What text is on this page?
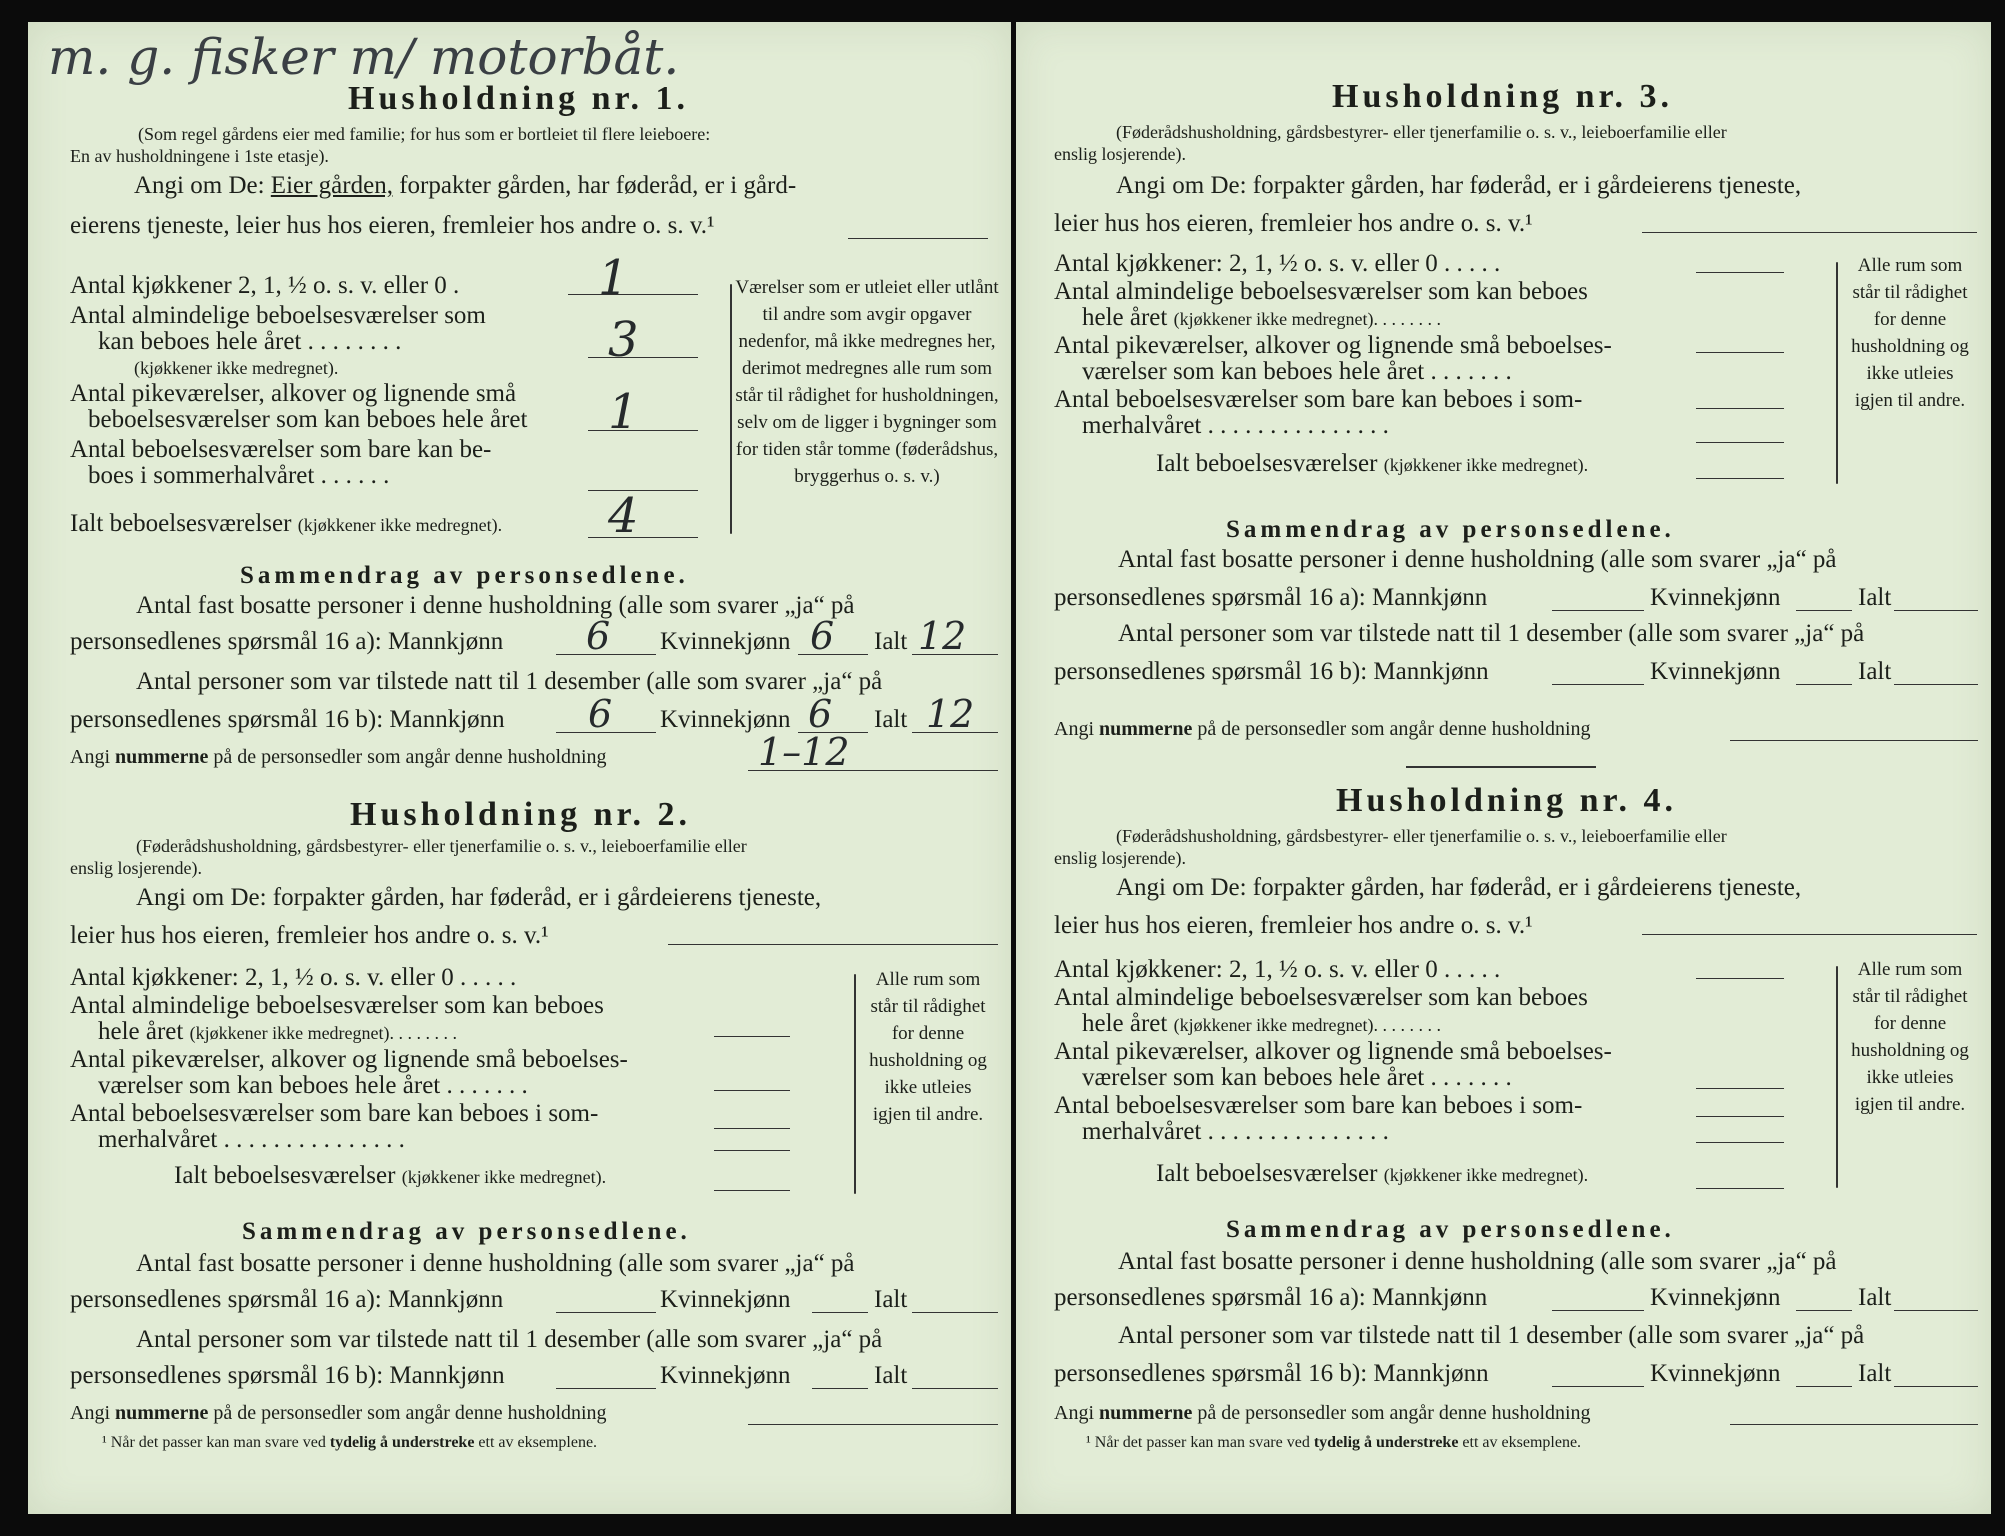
m. g. fisker m/ motorbåt.
Husholdning nr. 1.
(Som regel gårdens eier med familie; for hus som er bortleiet til flere leieboere:
En av husholdningene i 1ste etasje).
Angi om De: Eier gården, forpakter gården, har føderåd, er i gård-
eierens tjeneste, leier hus hos eieren, fremleier hos andre o. s. v.¹
Antal kjøkkener 2, 1, ½ o. s. v. eller 0 .	1
Antal almindelige beboelsesværelser som
kan beboes hele året . . . . . . . .
(kjøkkener ikke medregnet).	3
Antal pikeværelser, alkover og lignende små
beboelsesværelser som kan beboes hele året 1
Antal beboelsesværelser som bare kan be-
boes i sommerhalvåret . . . . . .
Ialt beboelsesværelser (kjøkkener ikke medregnet). 4
Værelser som er utleiet eller utlånt til andre som avgir opgaver nedenfor, må ikke medregnes her, derimot medregnes alle rum som står til rådighet for husholdningen, selv om de ligger i bygninger som for tiden står tomme (føderådshus, bryggerhus o. s. v.)
Sammendrag av personsedlene.
Antal fast bosatte personer i denne husholdning (alle som svarer „ja“ på
personsedlenes spørsmål 16 a): Mannkjønn 6 Kvinnekjønn 6 Ialt 12
Antal personer som var tilstede natt til 1 desember (alle som svarer „ja“ på
personsedlenes spørsmål 16 b): Mannkjønn 6 Kvinnekjønn 6 Ialt 12
Angi nummerne på de personsedler som angår denne husholdning	1–12
Husholdning nr. 2.
(Føderådshusholdning, gårdsbestyrer- eller tjenerfamilie o. s. v., leieboerfamilie eller
enslig losjerende).
Angi om De: forpakter gården, har føderåd, er i gårdeierens tjeneste,
leier hus hos eieren, fremleier hos andre o. s. v.¹
Antal kjøkkener: 2, 1, ½ o. s. v. eller 0 . . . . .
Antal almindelige beboelsesværelser som kan beboes
hele året (kjøkkener ikke medregnet). . . . . . . .
Antal pikeværelser, alkover og lignende små beboelses-
værelser som kan beboes hele året . . . . . . .
Antal beboelsesværelser som bare kan beboes i som-
merhalvåret . . . . . . . . . . . . . . .
Ialt beboelsesværelser (kjøkkener ikke medregnet).
Alle rum som står til rådighet for denne husholdning og ikke utleies igjen til andre.
Sammendrag av personsedlene.
Antal fast bosatte personer i denne husholdning (alle som svarer „ja“ på
personsedlenes spørsmål 16 a): Mannkjønn	Kvinnekjønn	Ialt
Antal personer som var tilstede natt til 1 desember (alle som svarer „ja“ på
personsedlenes spørsmål 16 b): Mannkjønn	Kvinnekjønn	Ialt
Angi nummerne på de personsedler som angår denne husholdning
¹ Når det passer kan man svare ved tydelig å understreke ett av eksemplene.
Husholdning nr. 3.
(Føderådshusholdning, gårdsbestyrer- eller tjenerfamilie o. s. v., leieboerfamilie eller
enslig losjerende).
Angi om De: forpakter gården, har føderåd, er i gårdeierens tjeneste,
leier hus hos eieren, fremleier hos andre o. s. v.¹
Antal kjøkkener: 2, 1, ½ o. s. v. eller 0 . . . . .
Antal almindelige beboelsesværelser som kan beboes
hele året (kjøkkener ikke medregnet). . . . . . . .
Antal pikeværelser, alkover og lignende små beboelses-
værelser som kan beboes hele året . . . . . . .
Antal beboelsesværelser som bare kan beboes i som-
merhalvåret . . . . . . . . . . . . . . .
Ialt beboelsesværelser (kjøkkener ikke medregnet).
Alle rum som står til rådighet for denne husholdning og ikke utleies igjen til andre.
Sammendrag av personsedlene.
Antal fast bosatte personer i denne husholdning (alle som svarer „ja“ på
personsedlenes spørsmål 16 a): Mannkjønn	Kvinnekjønn	Ialt
Antal personer som var tilstede natt til 1 desember (alle som svarer „ja“ på
personsedlenes spørsmål 16 b): Mannkjønn	Kvinnekjønn	Ialt
Angi nummerne på de personsedler som angår denne husholdning
Husholdning nr. 4.
(Føderådshusholdning, gårdsbestyrer- eller tjenerfamilie o. s. v., leieboerfamilie eller
enslig losjerende).
Angi om De: forpakter gården, har føderåd, er i gårdeierens tjeneste,
leier hus hos eieren, fremleier hos andre o. s. v.¹
Antal kjøkkener: 2, 1, ½ o. s. v. eller 0 . . . . .
Antal almindelige beboelsesværelser som kan beboes
hele året (kjøkkener ikke medregnet). . . . . . . .
Antal pikeværelser, alkover og lignende små beboelses-
værelser som kan beboes hele året . . . . . . .
Antal beboelsesværelser som bare kan beboes i som-
merhalvåret . . . . . . . . . . . . . . .
Ialt beboelsesværelser (kjøkkener ikke medregnet).
Alle rum som står til rådighet for denne husholdning og ikke utleies igjen til andre.
Sammendrag av personsedlene.
Antal fast bosatte personer i denne husholdning (alle som svarer „ja“ på
personsedlenes spørsmål 16 a): Mannkjønn	Kvinnekjønn	Ialt
Antal personer som var tilstede natt til 1 desember (alle som svarer „ja“ på
personsedlenes spørsmål 16 b): Mannkjønn	Kvinnekjønn	Ialt
Angi nummerne på de personsedler som angår denne husholdning
¹ Når det passer kan man svare ved tydelig å understreke ett av eksemplene.
